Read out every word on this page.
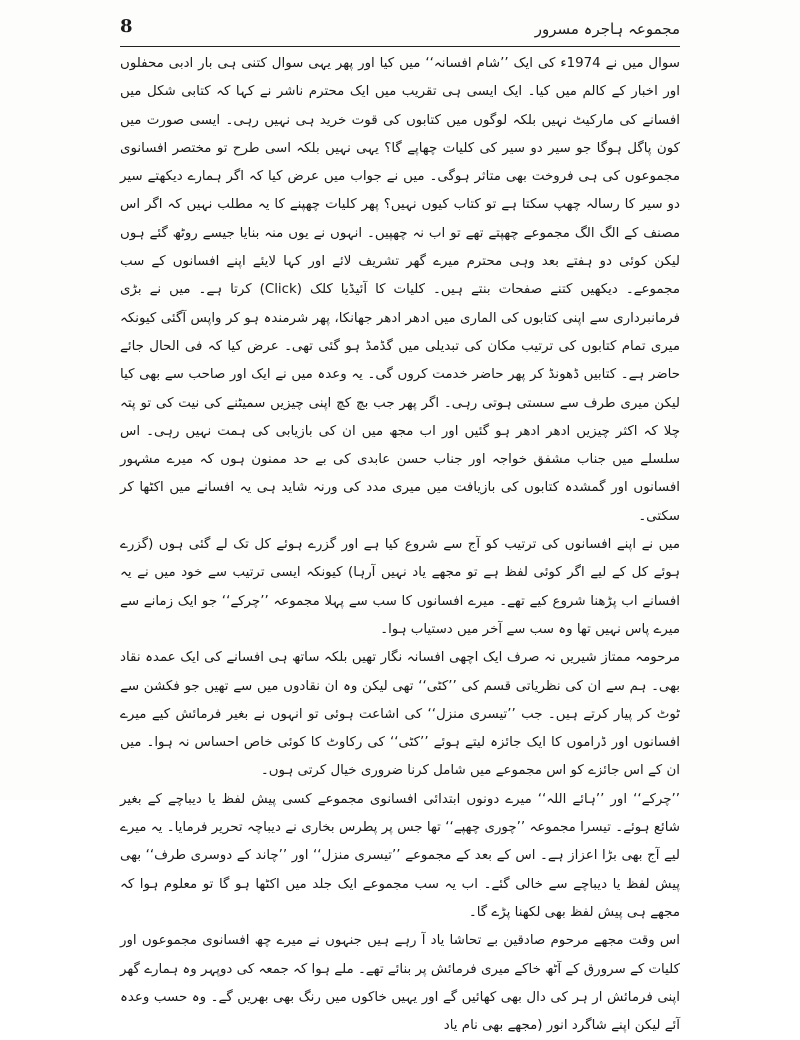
8	مجموعہ ہاجرہ مسرور

سوال میں نے 1974ء کی ایک ’’شام افسانہ‘‘ میں کیا اور پھر یہی سوال کتنی ہی بار ادبی محفلوں اور اخبار کے کالم میں کیا۔ ایک ایسی ہی تقریب میں ایک محترم ناشر نے کہا کہ کتابی شکل میں افسانے کی مارکیٹ نہیں بلکہ لوگوں میں کتابوں کی قوت خرید ہی نہیں رہی۔ ایسی صورت میں کون پاگل ہوگا جو سیر دو سیر کی کلیات چھاپے گا؟ یہی نہیں بلکہ اسی طرح تو مختصر افسانوی مجموعوں کی ہی فروخت بھی متاثر ہوگی۔ میں نے جواب میں عرض کیا کہ اگر ہمارے دیکھتے سیر دو سیر کا رسالہ چھپ سکتا ہے تو کتاب کیوں نہیں؟ پھر کلیات چھپنے کا یہ مطلب نہیں کہ اگر اس مصنف کے الگ الگ مجموعے چھپتے تھے تو اب نہ چھپیں۔ انہوں نے یوں منہ بنایا جیسے روٹھ گئے ہوں لیکن کوئی دو ہفتے بعد وہی محترم میرے گھر تشریف لائے اور کہا لایئے اپنے افسانوں کے سب مجموعے۔ دیکھیں کتنے صفحات بنتے ہیں۔ کلیات کا آئیڈیا کلک (Click) کرتا ہے۔ میں نے بڑی فرمانبرداری سے اپنی کتابوں کی الماری میں ادھر ادھر جھانکا، پھر شرمندہ ہو کر واپس آگئی کیونکہ میری تمام کتابوں کی ترتیب مکان کی تبدیلی میں گڈمڈ ہو گئی تھی۔ عرض کیا کہ فی الحال جائے حاضر ہے۔ کتابیں ڈھونڈ کر پھر حاضر خدمت کروں گی۔ یہ وعدہ میں نے ایک اور صاحب سے بھی کیا لیکن میری طرف سے سستی ہوتی رہی۔ اگر پھر جب بچ کچ اپنی چیزیں سمیٹنے کی نیت کی تو پتہ چلا کہ اکثر چیزیں ادھر ادھر ہو گئیں اور اب مجھ میں ان کی بازیابی کی ہمت نہیں رہی۔ اس سلسلے میں جناب مشفق خواجہ اور جناب حسن عابدی کی بے حد ممنون ہوں کہ میرے مشہور افسانوں اور گمشدہ کتابوں کی بازیافت میں میری مدد کی ورنہ شاید ہی یہ افسانے میں اکٹھا کر سکتی۔

میں نے اپنے افسانوں کی ترتیب کو آج سے شروع کیا ہے اور گزرے ہوئے کل تک لے گئی ہوں (گزرے ہوئے کل کے لیے اگر کوئی لفظ ہے تو مجھے یاد نہیں آرہا) کیونکہ ایسی ترتیب سے خود میں نے یہ افسانے اب پڑھنا شروع کیے تھے۔ میرے افسانوں کا سب سے پہلا مجموعہ ’’چرکے‘‘ جو ایک زمانے سے میرے پاس نہیں تھا وہ سب سے آخر میں دستیاب ہوا۔

مرحومہ ممتاز شیریں نہ صرف ایک اچھی افسانہ نگار تھیں بلکہ ساتھ ہی افسانے کی ایک عمدہ نقاد بھی۔ ہم سے ان کی نظریاتی قسم کی ’’کٹی‘‘ تھی لیکن وہ ان نقادوں میں سے تھیں جو فکشن سے ٹوٹ کر پیار کرتے ہیں۔ جب ’’تیسری منزل‘‘ کی اشاعت ہوئی تو انہوں نے بغیر فرمائش کیے میرے افسانوں اور ڈراموں کا ایک جائزہ لیتے ہوئے ’’کٹی‘‘ کی رکاوٹ کا کوئی خاص احساس نہ ہوا۔ میں ان کے اس جائزے کو اس مجموعے میں شامل کرنا ضروری خیال کرتی ہوں۔

’’چرکے‘‘ اور ’’ہائے اللہ‘‘ میرے دونوں ابتدائی افسانوی مجموعے کسی پیش لفظ یا دیباچے کے بغیر شائع ہوئے۔ تیسرا مجموعہ ’’چوری چھپے‘‘ تھا جس پر پطرس بخاری نے دیباچہ تحریر فرمایا۔ یہ میرے لیے آج بھی بڑا اعزاز ہے۔ اس کے بعد کے مجموعے ’’تیسری منزل‘‘ اور ’’چاند کے دوسری طرف‘‘ بھی پیش لفظ یا دیباچے سے خالی گئے۔ اب یہ سب مجموعے ایک جلد میں اکٹھا ہو گا تو معلوم ہوا کہ مجھے ہی پیش لفظ بھی لکھنا پڑے گا۔

اس وقت مجھے مرحوم صادقین بے تحاشا یاد آ رہے ہیں جنہوں نے میرے چھ افسانوی مجموعوں اور کلیات کے سرورق کے آٹھ خاکے میری فرمائش پر بنائے تھے۔ ملے ہوا کہ جمعہ کی دوپہر وہ ہمارے گھر اپنی فرمائش ار ہر کی دال بھی کھائیں گے اور یہیں خاکوں میں رنگ بھی بھریں گے۔ وہ حسب وعدہ آئے لیکن اپنے شاگرد انور (مجھے بھی نام یاد
